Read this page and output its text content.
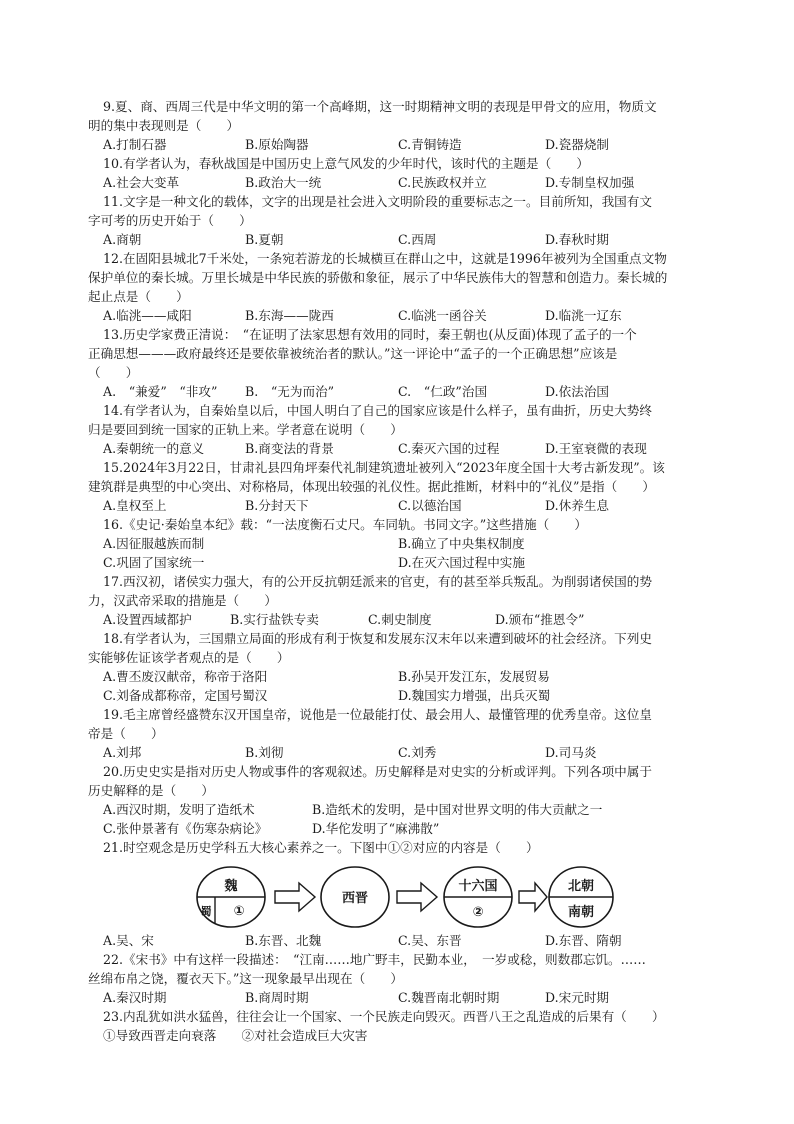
9.夏、商、西周三代是中华文明的第一个高峰期，这一时期精神文明的表现是甲骨文的应用，物质文
明的集中表现则是（　　）
A.打制石器	B.原始陶器	C.青铜铸造	D.瓷器烧制
10.有学者认为，春秋战国是中国历史上意气风发的少年时代，该时代的主题是（　　）
A.社会大变革	B.政治大一统	C.民族政权并立	D.专制皇权加强
11.文字是一种文化的载体，文字的出现是社会进入文明阶段的重要标志之一。目前所知，我国有文
字可考的历史开始于（　　）
A.商朝	B.夏朝	C.西周	D.春秋时期
12.在固阳县城北7千米处，一条宛若游龙的长城横亘在群山之中，这就是1996年被列为全国重点文物
保护单位的秦长城。万里长城是中华民族的骄傲和象征，展示了中华民族伟大的智慧和创造力。秦长城的
起止点是（　　）
A.临洮——咸阳	B.东海——陇西	C.临洮一函谷关	D.临洮一辽东
13.历史学家费正清说：　“在证明了法家思想有效用的同时，秦王朝也(从反面)体现了孟子的一个
正确思想———政府最终还是要依靠被统治者的默认。”这一评论中“孟子的一个正确思想”应该是
（　　）
A.　“兼爱”　“非攻” B.　“无为而治”	C.　“仁政”治国	D.依法治国
14.有学者认为，自秦始皇以后，中国人明白了自己的国家应该是什么样子，虽有曲折，历史大势终
归是要回到统一国家的正轨上来。学者意在说明（　　）
A.秦朝统一的意义	B.商变法的背景	C.秦灭六国的过程	D.王室衰微的表现
15.2024年3月22日，甘肃礼县四角坪秦代礼制建筑遗址被列入“2023年度全国十大考古新发现”。该
建筑群是典型的中心突出、对称格局，体现出较强的礼仪性。据此推断，材料中的“礼仪”是指（　　）
A.皇权至上	B.分封天下	C.以德治国	D.休养生息
16.《史记·秦始皇本纪》载：“一法度衡石丈尺。车同轨。书同文字。”这些措施（　　）
A.因征服越族而制	B.确立了中央集权制度
C.巩固了国家统一	D.在灭六国过程中实施
17.西汉初，诸侯实力强大，有的公开反抗朝廷派来的官吏，有的甚至举兵叛乱。为削弱诸侯国的势
力，汉武帝采取的措施是（　　）
A.设置西域都护	B.实行盐铁专卖	C.刺史制度	D.颁布“推恩令”
18.有学者认为，三国鼎立局面的形成有利于恢复和发展东汉末年以来遭到破坏的社会经济。下列史
实能够佐证该学者观点的是（　　）
A.曹丕废汉献帝，称帝于洛阳	B.孙吴开发江东，发展贸易
C.刘备成都称帝，定国号蜀汉	D.魏国实力增强，出兵灭蜀
19.毛主席曾经盛赞东汉开国皇帝，说他是一位最能打仗、最会用人、最懂管理的优秀皇帝。这位皇
帝是（　　）
A.刘邦	B.刘彻	C.刘秀	D.司马炎
20.历史史实是指对历史人物或事件的客观叙述。历史解释是对史实的分析或评判。下列各项中属于
历史解释的是（　　）
A.西汉时期，发明了造纸术	B.造纸术的发明，是中国对世界文明的伟大贡献之一
C.张仲景著有《伤寒杂病论》	D.华佗发明了“麻沸散”
21.时空观念是历史学科五大核心素养之一。下图中①②对应的内容是（　　）
魏
蜀 ①
西晋
十六国
②
北朝
南朝
A.吴、宋	B.东晋、北魏	C.吴、东晋	D.东晋、隋朝
22.《宋书》中有这样一段描述：　“江南……地广野丰，民勤本业，　一岁或稔，则数郡忘饥。……
丝绵布帛之饶，覆衣天下。”这一现象最早出现在（　　）
A.秦汉时期	B.商周时期	C.魏晋南北朝时期	D.宋元时期
23.内乱犹如洪水猛兽，往往会让一个国家、一个民族走向毁灭。西晋八王之乱造成的后果有（　　）
①导致西晋走向衰落　　②对社会造成巨大灾害
